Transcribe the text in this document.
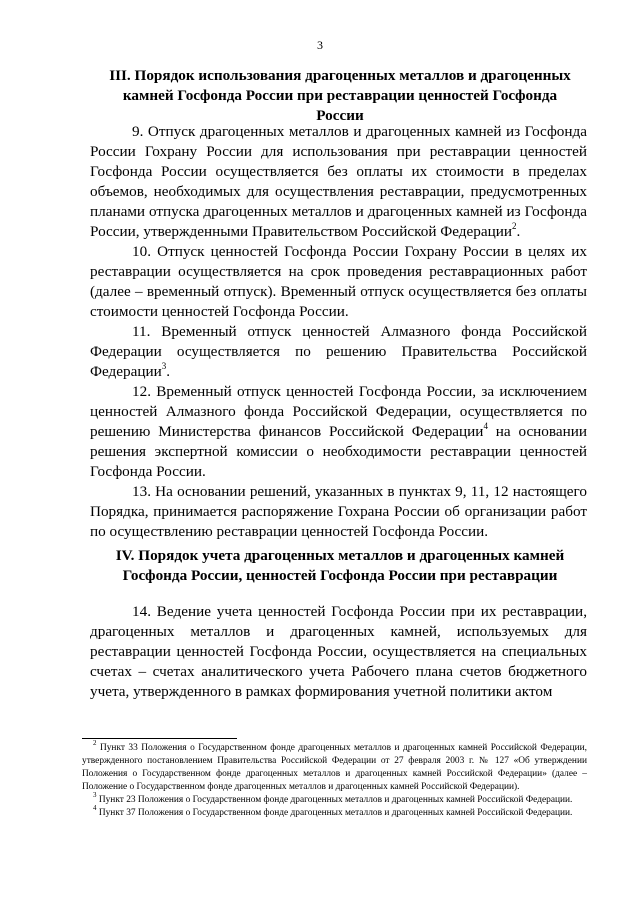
3
III. Порядок использования драгоценных металлов и драгоценных
камней Госфонда России при реставрации ценностей Госфонда России

9. Отпуск драгоценных металлов и драгоценных камней из Госфонда России Гохрану России для использования при реставрации ценностей Госфонда России осуществляется без оплаты их стоимости в пределах объемов, необходимых для осуществления реставрации, предусмотренных планами отпуска драгоценных металлов и драгоценных камней из Госфонда России, утвержденными Правительством Российской Федерации$^2$.

10. Отпуск ценностей Госфонда России Гохрану России в целях их реставрации осуществляется на срок проведения реставрационных работ (далее – временный отпуск). Временный отпуск осуществляется без оплаты стоимости ценностей Госфонда России.

11. Временный отпуск ценностей Алмазного фонда Российской Федерации осуществляется по решению Правительства Российской Федерации$^3$.

12. Временный отпуск ценностей Госфонда России, за исключением ценностей Алмазного фонда Российской Федерации, осуществляется по решению Министерства финансов Российской Федерации$^4$ на основании решения экспертной комиссии о необходимости реставрации ценностей Госфонда России.

13. На основании решений, указанных в пунктах 9, 11, 12 настоящего Порядка, принимается распоряжение Гохрана России об организации работ по осуществлению реставрации ценностей Госфонда России.

IV. Порядок учета драгоценных металлов и драгоценных камней
Госфонда России, ценностей Госфонда России при реставрации

14. Ведение учета ценностей Госфонда России при их реставрации, драгоценных металлов и драгоценных камней, используемых для реставрации ценностей Госфонда России, осуществляется на специальных счетах – счетах аналитического учета Рабочего плана счетов бюджетного учета, утвержденного в рамках формирования учетной политики актом

$^2$ Пункт 33 Положения о Государственном фонде драгоценных металлов и драгоценных камней Российской Федерации, утвержденного постановлением Правительства Российской Федерации от 27 февраля 2003 г. № 127 «Об утверждении Положения о Государственном фонде драгоценных металлов и драгоценных камней Российской Федерации» (далее – Положение о Государственном фонде драгоценных металлов и драгоценных камней Российской Федерации).

$^3$ Пункт 23 Положения о Государственном фонде драгоценных металлов и драгоценных камней Российской Федерации.

$^4$ Пункт 37 Положения о Государственном фонде драгоценных металлов и драгоценных камней Российской Федерации.
